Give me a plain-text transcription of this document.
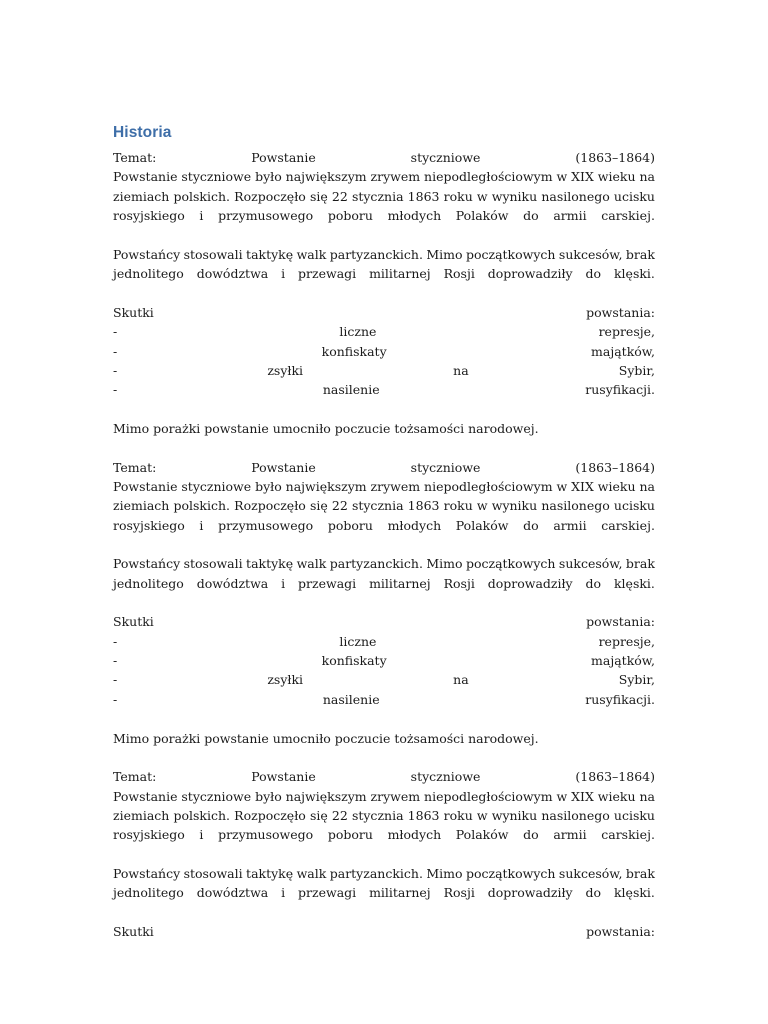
Historia
Temat:	Powstanie	styczniowe	(1863–1864)
Powstanie styczniowe było największym zrywem niepodległościowym w XIX wieku na
ziemiach polskich. Rozpoczęło się 22 stycznia 1863 roku w wyniku nasilonego ucisku
rosyjskiego i przymusowego poboru młodych Polaków do armii carskiej.
Powstańcy stosowali taktykę walk partyzanckich. Mimo początkowych sukcesów, brak
jednolitego dowództwa i przewagi militarnej Rosji doprowadziły do klęski.
Skutki	powstania:
-	liczne	represje,
-	konfiskaty	majątków,
-	zsyłki	na	Sybir,
-	nasilenie	rusyfikacji.
Mimo porażki powstanie umocniło poczucie tożsamości narodowej.
Temat:	Powstanie	styczniowe	(1863–1864)
Powstanie styczniowe było największym zrywem niepodległościowym w XIX wieku na
ziemiach polskich. Rozpoczęło się 22 stycznia 1863 roku w wyniku nasilonego ucisku
rosyjskiego i przymusowego poboru młodych Polaków do armii carskiej.
Powstańcy stosowali taktykę walk partyzanckich. Mimo początkowych sukcesów, brak
jednolitego dowództwa i przewagi militarnej Rosji doprowadziły do klęski.
Skutki	powstania:
-	liczne	represje,
-	konfiskaty	majątków,
-	zsyłki	na	Sybir,
-	nasilenie	rusyfikacji.
Mimo porażki powstanie umocniło poczucie tożsamości narodowej.
Temat:	Powstanie	styczniowe	(1863–1864)
Powstanie styczniowe było największym zrywem niepodległościowym w XIX wieku na
ziemiach polskich. Rozpoczęło się 22 stycznia 1863 roku w wyniku nasilonego ucisku
rosyjskiego i przymusowego poboru młodych Polaków do armii carskiej.
Powstańcy stosowali taktykę walk partyzanckich. Mimo początkowych sukcesów, brak
jednolitego dowództwa i przewagi militarnej Rosji doprowadziły do klęski.
Skutki	powstania:
